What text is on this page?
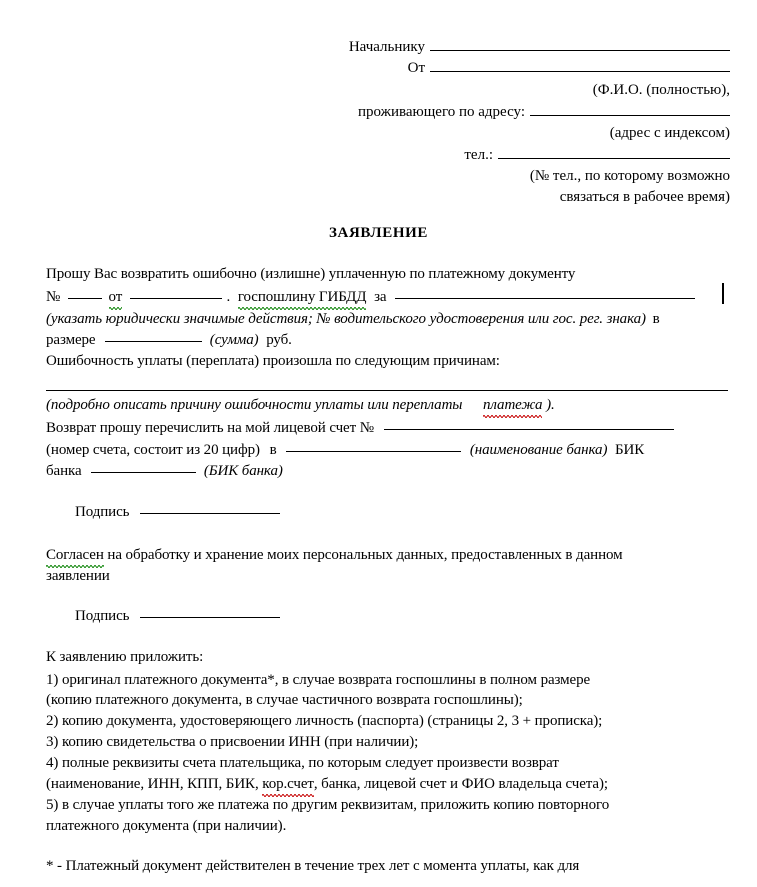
Начальнику
От
(Ф.И.О. (полностью),
проживающего по адресу:
(адрес с индексом)
тел.:
(№ тел., по которому возможно
связаться в рабочее время)
ЗАЯВЛЕНИЕ
Прошу Вас возвратить ошибочно (излишне) уплаченную по платежному документу
№	от	. госпошлину ГИБДД за
(указать юридически значимые действия; № водительского удостоверения или гос. рег. знака) в
размере	(сумма) руб.
Ошибочность уплаты (переплата) произошла по следующим причинам:
(подробно описать причину ошибочности уплаты или переплаты платежа ).
Возврат прошу перечислить на мой лицевой счет №
(номер счета, состоит из 20 цифр) в	(наименование банка) БИК
банка	(БИК банка)
Подпись
Согласен на обработку и хранение моих персональных данных, предоставленных в данном
заявлении
Подпись
К заявлению приложить:
1) оригинал платежного документа*, в случае возврата госпошлины в полном размере
(копию платежного документа, в случае частичного возврата госпошлины);
2) копию документа, удостоверяющего личность (паспорта) (страницы 2, 3 + прописка);
3) копию свидетельства о присвоении ИНН (при наличии);
4) полные реквизиты счета плательщика, по которым следует произвести возврат
(наименование, ИНН, КПП, БИК, кор.счет, банка, лицевой счет и ФИО владельца счета);
5) в случае уплаты того же платежа по другим реквизитам, приложить копию повторного
платежного документа (при наличии).
* - Платежный документ действителен в течение трех лет с момента уплаты, как для
